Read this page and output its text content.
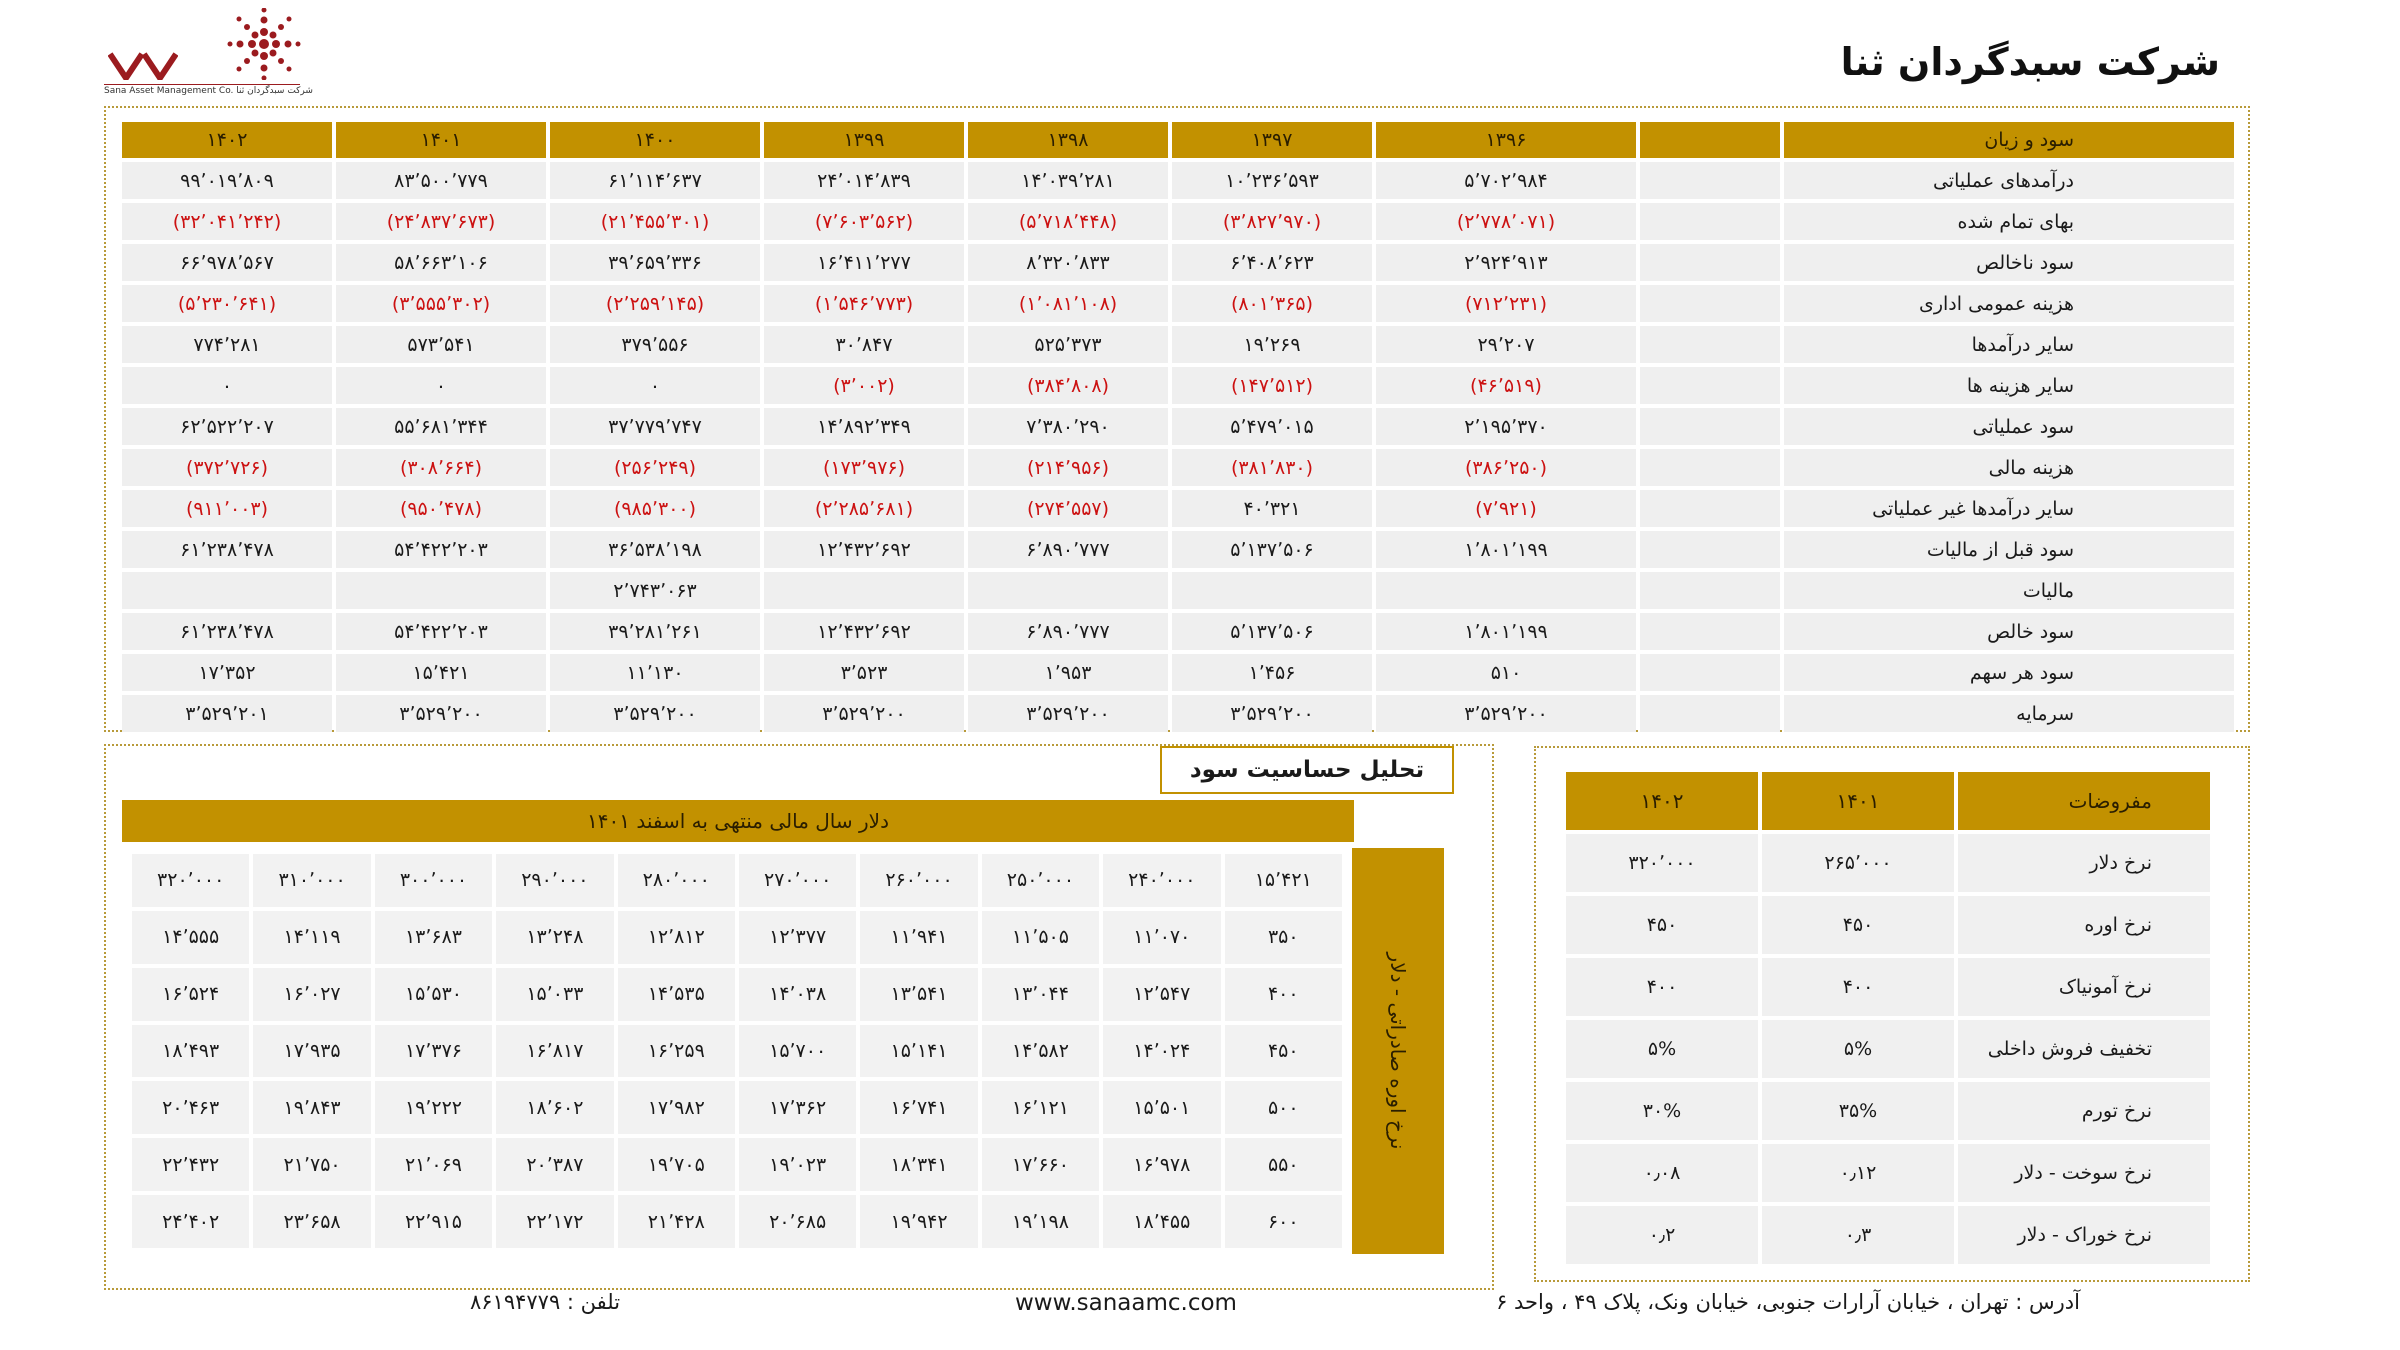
شرکت سبدگردان ثنا
Sana Asset Management Co. شرکت سبدگردان ثنا
۱۴۰۲	۱۴۰۱	۱۴۰۰	۱۳۹۹	۱۳۹۸	۱۳۹۷	۱۳۹۶		سود و زیان
۹۹٬۰۱۹٬۸۰۹	۸۳٬۵۰۰٬۷۷۹	۶۱٬۱۱۴٬۶۳۷	۲۴٬۰۱۴٬۸۳۹	۱۴٬۰۳۹٬۲۸۱	۱۰٬۲۳۶٬۵۹۳	۵٬۷۰۲٬۹۸۴		درآمدهای عملیاتی
(۳۲٬۰۴۱٬۲۴۲)	(۲۴٬۸۳۷٬۶۷۳)	(۲۱٬۴۵۵٬۳۰۱)	(۷٬۶۰۳٬۵۶۲)	(۵٬۷۱۸٬۴۴۸)	(۳٬۸۲۷٬۹۷۰)	(۲٬۷۷۸٬۰۷۱)		بهای تمام شده
۶۶٬۹۷۸٬۵۶۷	۵۸٬۶۶۳٬۱۰۶	۳۹٬۶۵۹٬۳۳۶	۱۶٬۴۱۱٬۲۷۷	۸٬۳۲۰٬۸۳۳	۶٬۴۰۸٬۶۲۳	۲٬۹۲۴٬۹۱۳		سود ناخالص
(۵٬۲۳۰٬۶۴۱)	(۳٬۵۵۵٬۳۰۲)	(۲٬۲۵۹٬۱۴۵)	(۱٬۵۴۶٬۷۷۳)	(۱٬۰۸۱٬۱۰۸)	(۸۰۱٬۳۶۵)	(۷۱۲٬۲۳۱)		هزینه عمومی اداری
۷۷۴٬۲۸۱	۵۷۳٬۵۴۱	۳۷۹٬۵۵۶	۳۰٬۸۴۷	۵۲۵٬۳۷۳	۱۹٬۲۶۹	۲۹٬۲۰۷		سایر درآمدها
۰	۰	۰	(۳٬۰۰۲)	(۳۸۴٬۸۰۸)	(۱۴۷٬۵۱۲)	(۴۶٬۵۱۹)		سایر هزینه ها
۶۲٬۵۲۲٬۲۰۷	۵۵٬۶۸۱٬۳۴۴	۳۷٬۷۷۹٬۷۴۷	۱۴٬۸۹۲٬۳۴۹	۷٬۳۸۰٬۲۹۰	۵٬۴۷۹٬۰۱۵	۲٬۱۹۵٬۳۷۰		سود عملیاتی
(۳۷۲٬۷۲۶)	(۳۰۸٬۶۶۴)	(۲۵۶٬۲۴۹)	(۱۷۳٬۹۷۶)	(۲۱۴٬۹۵۶)	(۳۸۱٬۸۳۰)	(۳۸۶٬۲۵۰)		هزینه مالی
(۹۱۱٬۰۰۳)	(۹۵۰٬۴۷۸)	(۹۸۵٬۳۰۰)	(۲٬۲۸۵٬۶۸۱)	(۲۷۴٬۵۵۷)	۴۰٬۳۲۱	(۷٬۹۲۱)		سایر درآمدها غیر عملیاتی
۶۱٬۲۳۸٬۴۷۸	۵۴٬۴۲۲٬۲۰۳	۳۶٬۵۳۸٬۱۹۸	۱۲٬۴۳۲٬۶۹۲	۶٬۸۹۰٬۷۷۷	۵٬۱۳۷٬۵۰۶	۱٬۸۰۱٬۱۹۹		سود قبل از مالیات
		۲٬۷۴۳٬۰۶۳						مالیات
۶۱٬۲۳۸٬۴۷۸	۵۴٬۴۲۲٬۲۰۳	۳۹٬۲۸۱٬۲۶۱	۱۲٬۴۳۲٬۶۹۲	۶٬۸۹۰٬۷۷۷	۵٬۱۳۷٬۵۰۶	۱٬۸۰۱٬۱۹۹		سود خالص
۱۷٬۳۵۲	۱۵٬۴۲۱	۱۱٬۱۳۰	۳٬۵۲۳	۱٬۹۵۳	۱٬۴۵۶	۵۱۰		سود هر سهم
۳٬۵۲۹٬۲۰۱	۳٬۵۲۹٬۲۰۰	۳٬۵۲۹٬۲۰۰	۳٬۵۲۹٬۲۰۰	۳٬۵۲۹٬۲۰۰	۳٬۵۲۹٬۲۰۰	۳٬۵۲۹٬۲۰۰		سرمایه
تحلیل حساسیت سود
دلار سال مالی منتهی به اسفند ۱۴۰۱
نرخ اوره صادراتی - دلار
۳۲۰٬۰۰۰	۳۱۰٬۰۰۰	۳۰۰٬۰۰۰	۲۹۰٬۰۰۰	۲۸۰٬۰۰۰	۲۷۰٬۰۰۰	۲۶۰٬۰۰۰	۲۵۰٬۰۰۰	۲۴۰٬۰۰۰	۱۵٬۴۲۱
۱۴٬۵۵۵	۱۴٬۱۱۹	۱۳٬۶۸۳	۱۳٬۲۴۸	۱۲٬۸۱۲	۱۲٬۳۷۷	۱۱٬۹۴۱	۱۱٬۵۰۵	۱۱٬۰۷۰	۳۵۰
۱۶٬۵۲۴	۱۶٬۰۲۷	۱۵٬۵۳۰	۱۵٬۰۳۳	۱۴٬۵۳۵	۱۴٬۰۳۸	۱۳٬۵۴۱	۱۳٬۰۴۴	۱۲٬۵۴۷	۴۰۰
۱۸٬۴۹۳	۱۷٬۹۳۵	۱۷٬۳۷۶	۱۶٬۸۱۷	۱۶٬۲۵۹	۱۵٬۷۰۰	۱۵٬۱۴۱	۱۴٬۵۸۲	۱۴٬۰۲۴	۴۵۰
۲۰٬۴۶۳	۱۹٬۸۴۳	۱۹٬۲۲۲	۱۸٬۶۰۲	۱۷٬۹۸۲	۱۷٬۳۶۲	۱۶٬۷۴۱	۱۶٬۱۲۱	۱۵٬۵۰۱	۵۰۰
۲۲٬۴۳۲	۲۱٬۷۵۰	۲۱٬۰۶۹	۲۰٬۳۸۷	۱۹٬۷۰۵	۱۹٬۰۲۳	۱۸٬۳۴۱	۱۷٬۶۶۰	۱۶٬۹۷۸	۵۵۰
۲۴٬۴۰۲	۲۳٬۶۵۸	۲۲٬۹۱۵	۲۲٬۱۷۲	۲۱٬۴۲۸	۲۰٬۶۸۵	۱۹٬۹۴۲	۱۹٬۱۹۸	۱۸٬۴۵۵	۶۰۰
۱۴۰۲	۱۴۰۱	مفروضات
۳۲۰٬۰۰۰	۲۶۵٬۰۰۰	نرخ دلار
۴۵۰	۴۵۰	نرخ اوره
۴۰۰	۴۰۰	نرخ آمونیاک
۵%	۵%	تخفیف فروش داخلی
۳۰%	۳۵%	نرخ تورم
۰٫۰۸	۰٫۱۲	نرخ سوخت - دلار
۰٫۲	۰٫۳	نرخ خوراک - دلار
آدرس : تهران ، خیابان آرارات جنوبی، خیابان ونک، پلاک ۴۹ ، واحد ۶
www.sanaamc.com
تلفن : ۸۶۱۹۴۷۷۹
